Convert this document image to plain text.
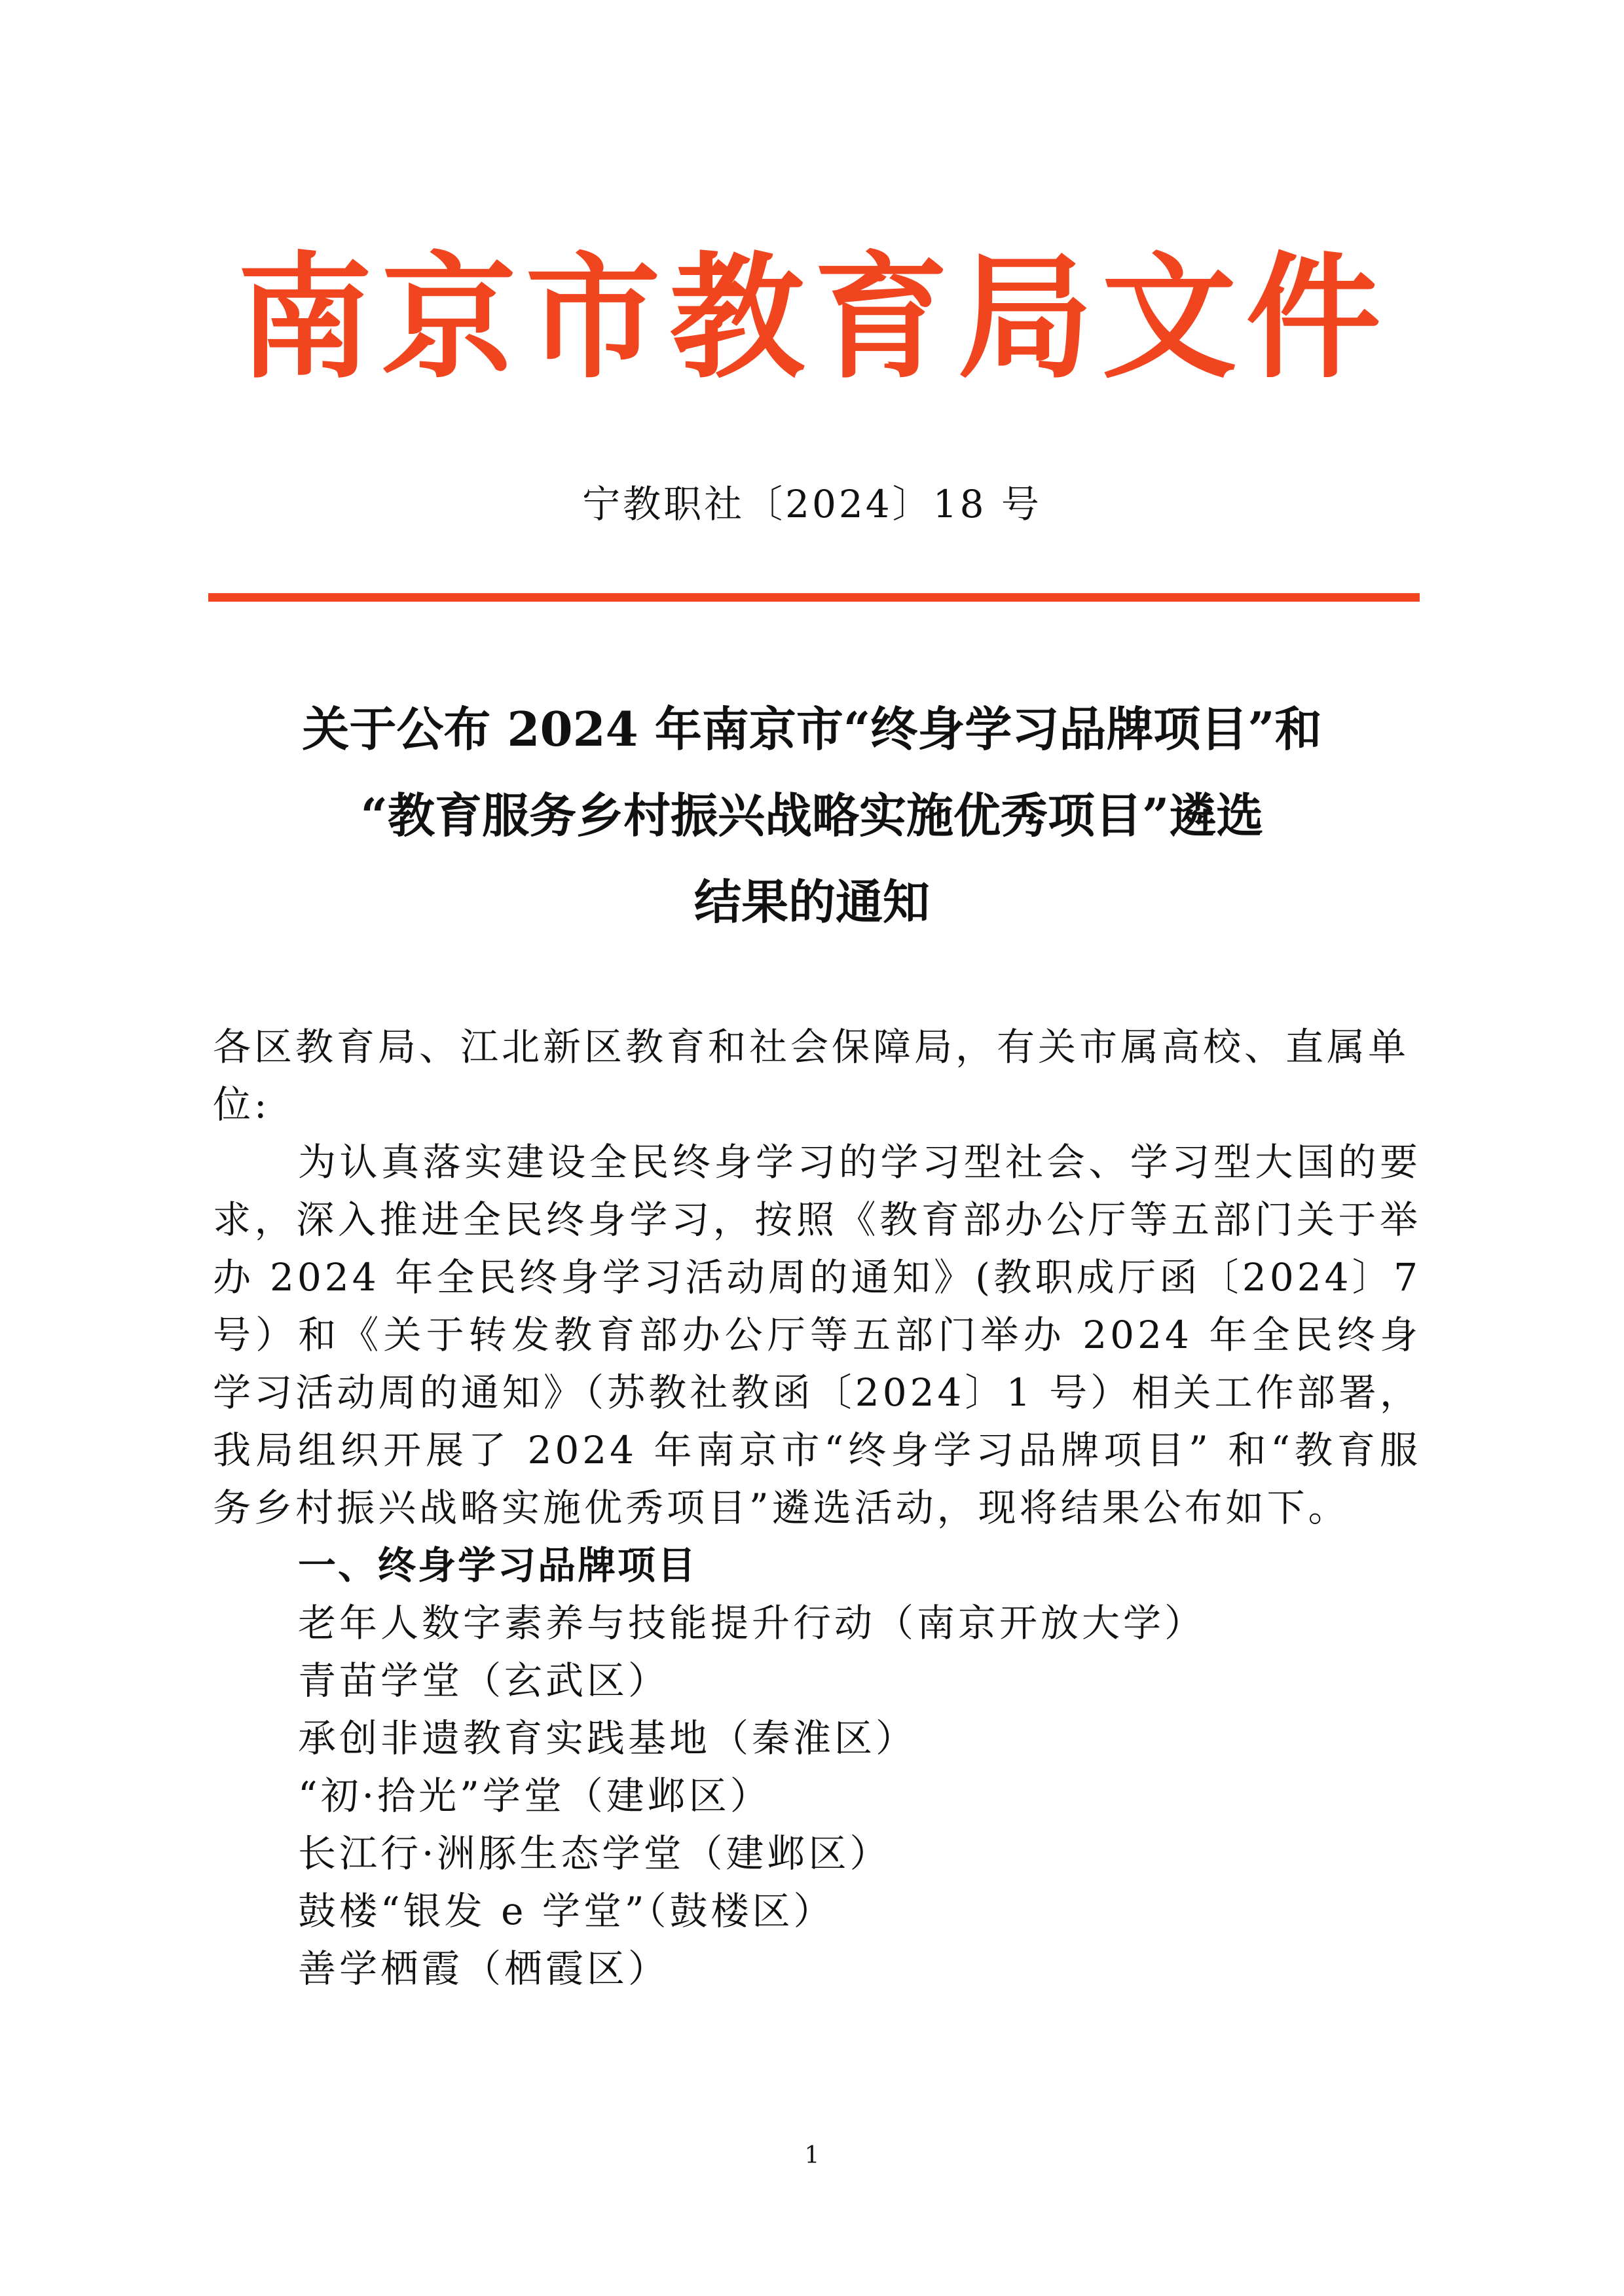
南京市教育局文件
宁教职社〔2024〕18 号
关于公布 2024 年南京市“终身学习品牌项目”和
“教育服务乡村振兴战略实施优秀项目”遴选
结果的通知

各区教育局、江北新区教育和社会保障局，有关市属高校、直属单位:

为认真落实建设全民终身学习的学习型社会、学习型大国的要求，深入推进全民终身学习，按照《教育部办公厅等五部门关于举办 2024 年全民终身学习活动周的通知》(教职成厅函〔2024〕7 号）和《关于转发教育部办公厅等五部门举办 2024 年全民终身学习活动周的通知》（苏教社教函〔2024〕1 号）相关工作部署，我局组织开展了 2024 年南京市“终身学习品牌项目” 和“教育服务乡村振兴战略实施优秀项目”遴选活动，现将结果公布如下。

一、终身学习品牌项目

老年人数字素养与技能提升行动（南京开放大学）

青苗学堂（玄武区）

承创非遗教育实践基地（秦淮区）

“初·拾光”学堂（建邺区）

长江行·洲豚生态学堂（建邺区）

鼓楼“银发 e 学堂”（鼓楼区）

善学栖霞（栖霞区）

1
